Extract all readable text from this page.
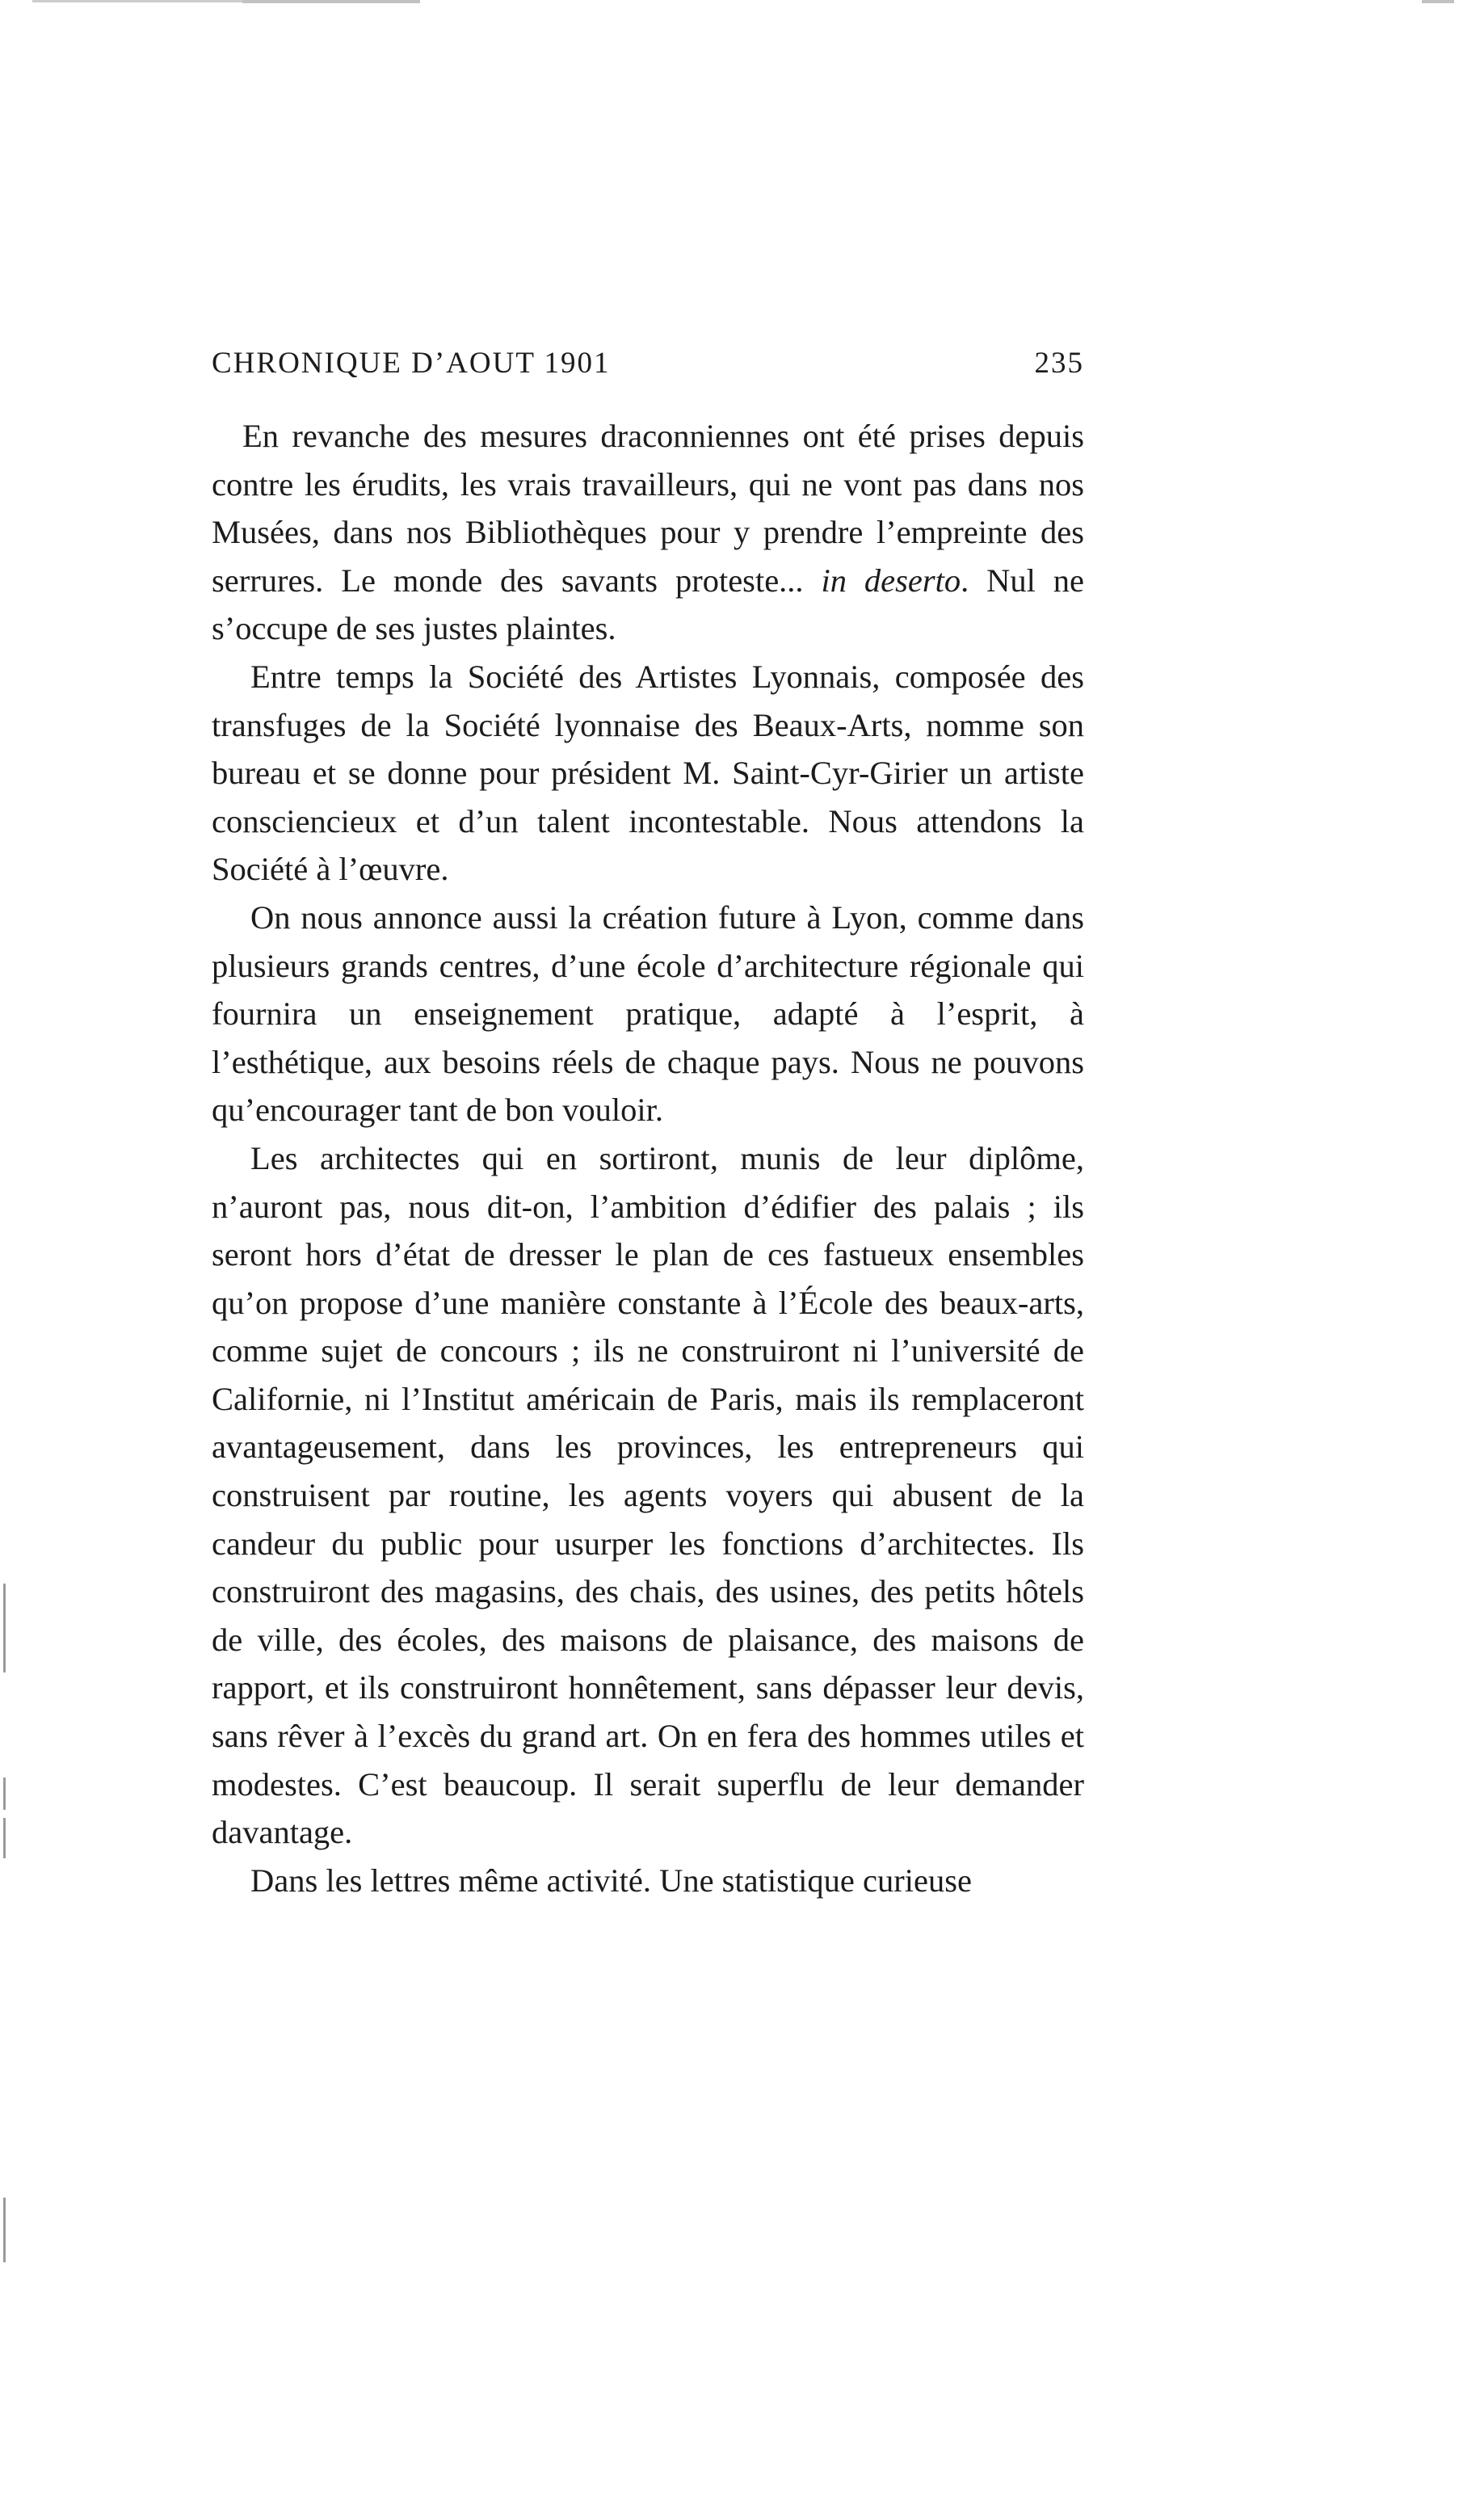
CHRONIQUE D’AOUT 1901	235

En revanche des mesures draconniennes ont été prises depuis contre les érudits, les vrais travailleurs, qui ne vont pas dans nos Musées, dans nos Bibliothèques pour y prendre l’empreinte des serrures. Le monde des savants proteste... in deserto. Nul ne s’occupe de ses justes plaintes.

Entre temps la Société des Artistes Lyonnais, composée des transfuges de la Société lyonnaise des Beaux-Arts, nomme son bureau et se donne pour président M. Saint-Cyr-Girier un artiste consciencieux et d’un talent incontestable. Nous attendons la Société à l’œuvre.

On nous annonce aussi la création future à Lyon, comme dans plusieurs grands centres, d’une école d’architecture régionale qui fournira un enseignement pratique, adapté à l’esprit, à l’esthétique, aux besoins réels de chaque pays. Nous ne pouvons qu’encourager tant de bon vouloir.

Les architectes qui en sortiront, munis de leur diplôme, n’auront pas, nous dit-on, l’ambition d’édifier des palais ; ils seront hors d’état de dresser le plan de ces fastueux ensembles qu’on propose d’une manière constante à l’École des beaux-arts, comme sujet de concours ; ils ne construiront ni l’université de Californie, ni l’Institut américain de Paris, mais ils remplaceront avantageusement, dans les provinces, les entrepreneurs qui construisent par routine, les agents voyers qui abusent de la candeur du public pour usurper les fonctions d’architectes. Ils construiront des magasins, des chais, des usines, des petits hôtels de ville, des écoles, des maisons de plaisance, des maisons de rapport, et ils construiront honnêtement, sans dépasser leur devis, sans rêver à l’excès du grand art. On en fera des hommes utiles et modestes. C’est beaucoup. Il serait superflu de leur demander davantage.

Dans les lettres même activité. Une statistique curieuse
